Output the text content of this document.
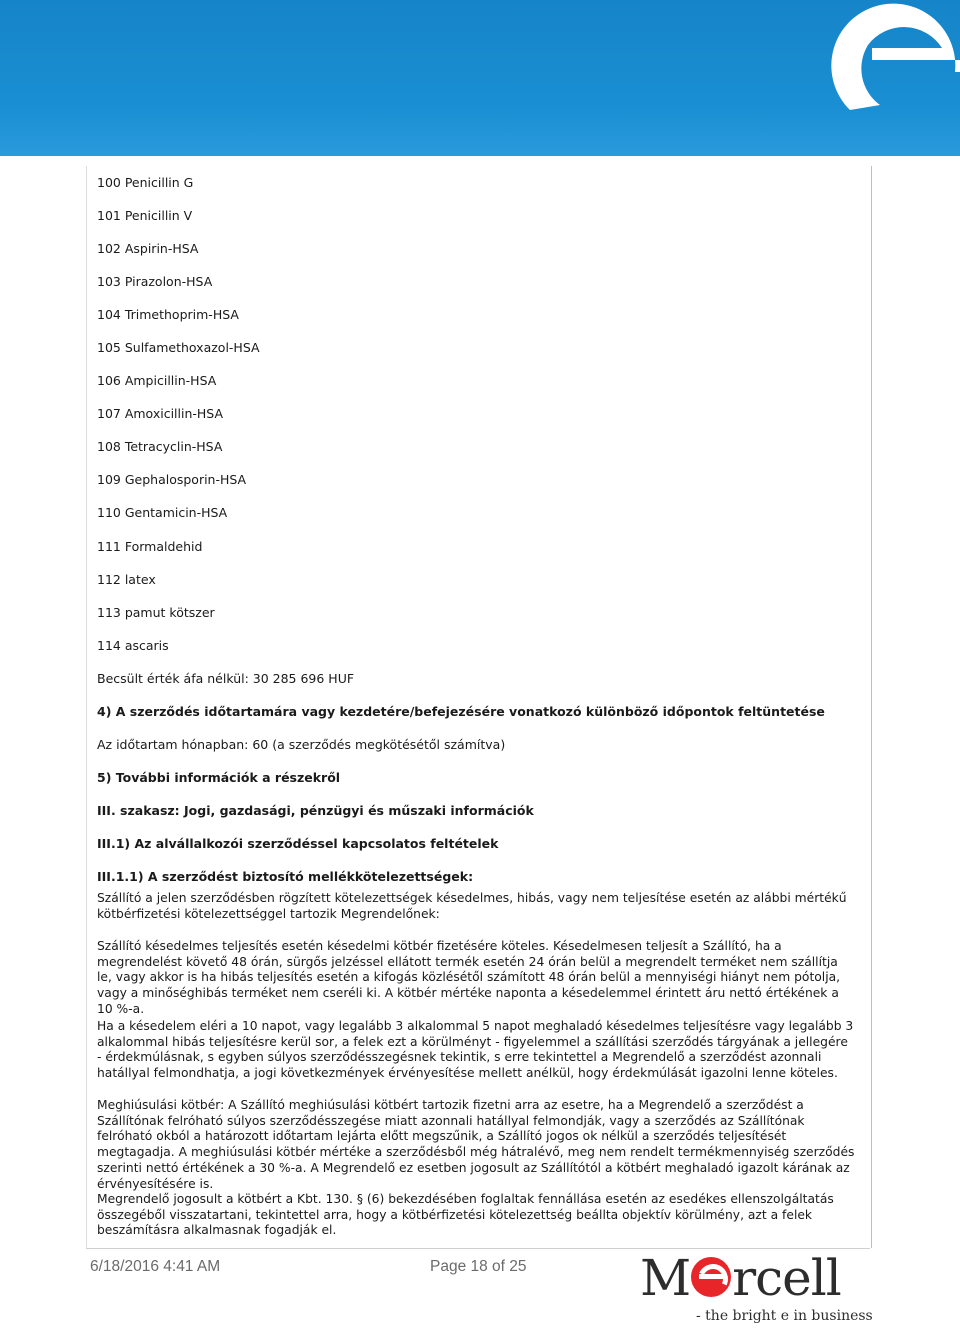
100 Penicillin G
101 Penicillin V
102 Aspirin-HSA
103 Pirazolon-HSA
104 Trimethoprim-HSA
105 Sulfamethoxazol-HSA
106 Ampicillin-HSA
107 Amoxicillin-HSA
108 Tetracyclin-HSA
109 Gephalosporin-HSA
110 Gentamicin-HSA
111 Formaldehid
112 latex
113 pamut kötszer
114 ascaris
Becsült érték áfa nélkül: 30 285 696 HUF
4) A szerződés időtartamára vagy kezdetére/befejezésére vonatkozó különböző időpontok feltüntetése
Az időtartam hónapban: 60 (a szerződés megkötésétől számítva)
5) További információk a részekről
III. szakasz: Jogi, gazdasági, pénzügyi és műszaki információk
III.1) Az alvállalkozói szerződéssel kapcsolatos feltételek
III.1.1) A szerződést biztosító mellékkötelezettségek:
Szállító a jelen szerződésben rögzített kötelezettségek késedelmes, hibás, vagy nem teljesítése esetén az alábbi mértékű kötbérfizetési kötelezettséggel tartozik Megrendelőnek:
Szállító késedelmes teljesítés esetén késedelmi kötbér fizetésére köteles. Késedelmesen teljesít a Szállító, ha a megrendelést követő 48 órán, sürgős jelzéssel ellátott termék esetén 24 órán belül a megrendelt terméket nem szállítja le, vagy akkor is ha hibás teljesítés esetén a kifogás közlésétől számított 48 órán belül a mennyiségi hiányt nem pótolja, vagy a minőséghibás terméket nem cseréli ki. A kötbér mértéke naponta a késedelemmel érintett áru nettó értékének a 10 %-a.
Ha a késedelem eléri a 10 napot, vagy legalább 3 alkalommal 5 napot meghaladó késedelmes teljesítésre vagy legalább 3 alkalommal hibás teljesítésre kerül sor, a felek ezt a körülményt - figyelemmel a szállítási szerződés tárgyának a jellegére - érdekmúlásnak, s egyben súlyos szerződésszegésnek tekintik, s erre tekintettel a Megrendelő a szerződést azonnali hatállyal felmondhatja, a jogi következmények érvényesítése mellett anélkül, hogy érdekmúlását igazolni lenne köteles.
Meghiúsulási kötbér: A Szállító meghiúsulási kötbért tartozik fizetni arra az esetre, ha a Megrendelő a szerződést a Szállítónak felróható súlyos szerződésszegése miatt azonnali hatállyal felmondják, vagy a szerződés az Szállítónak felróható okból a határozott időtartam lejárta előtt megszűnik, a Szállító jogos ok nélkül a szerződés teljesítését megtagadja. A meghiúsulási kötbér mértéke a szerződésből még hátralévő, meg nem rendelt termékmennyiség szerződés szerinti nettó értékének a 30 %-a. A Megrendelő ez esetben jogosult az Szállítótól a kötbért meghaladó igazolt kárának az érvényesítésére is.
Megrendelő jogosult a kötbért a Kbt. 130. § (6) bekezdésében foglaltak fennállása esetén az esedékes ellenszolgáltatás összegéből visszatartani, tekintettel arra, hogy a kötbérfizetési kötelezettség beállta objektív körülmény, azt a felek beszámításra alkalmasnak fogadják el.
6/18/2016 4:41 AM	Page 18 of 25 M rcell
- the bright e in business
